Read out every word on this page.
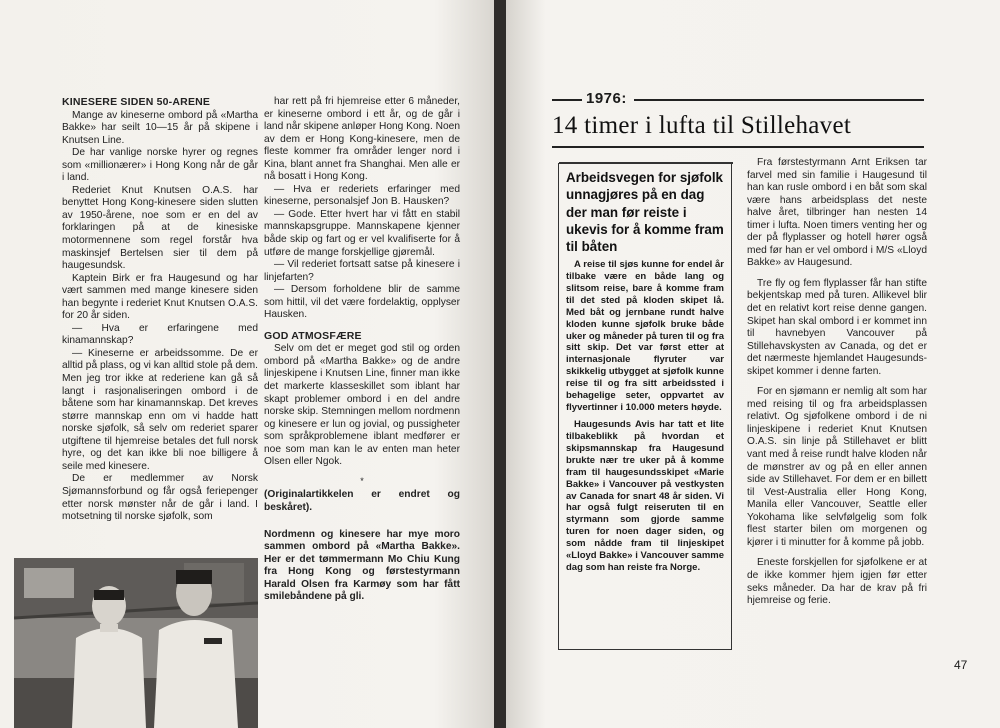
KINESERE SIDEN 50-ARENE

Mange av kineserne ombord på «Martha Bakke» har seilt 10—15 år på skipene i Knutsen Line.

De har vanlige norske hyrer og regnes som «millionærer» i Hong Kong når de går i land.

Rederiet Knut Knutsen O.A.S. har benyttet Hong Kong-kinesere siden slutten av 1950-årene, noe som er en del av forklaringen på at de kinesiske motormennene som regel forstår hva maskinsjef Bertelsen sier til dem på haugesundsk.

Kaptein Birk er fra Haugesund og har vært sammen med mange kinesere siden han begynte i rederiet Knut Knutsen O.A.S. for 20 år siden.

— Hva er erfaringene med kinamannskap?

— Kineserne er arbeidssomme. De er alltid på plass, og vi kan alltid stole på dem. Men jeg tror ikke at rederiene kan gå så langt i rasjonaliseringen ombord i de båtene som har kinamannskap. Det kreves større mannskap enn om vi hadde hatt norske sjøfolk, så selv om rederiet sparer utgiftene til hjemreise betales det full norsk hyre, og det kan ikke bli noe billigere å seile med kinesere.

De er medlemmer av Norsk Sjømannsforbund og får også feriepenger etter norsk mønster når de går i land. I motsetning til norske sjøfolk, som

har rett på fri hjemreise etter 6 måneder, er kineserne ombord i ett år, og de går i land når skipene anløper Hong Kong. Noen av dem er Hong Kong-kinesere, men de fleste kommer fra områder lenger nord i Kina, blant annet fra Shanghai. Men alle er nå bosatt i Hong Kong.

— Hva er rederiets erfaringer med kineserne, personalsjef Jon B. Hausken?

— Gode. Etter hvert har vi fått en stabil mannskapsgruppe. Mannskapene kjenner både skip og fart og er vel kvalifiserte for å utføre de mange forskjellige gjøremål.

— Vil rederiet fortsatt satse på kinesere i linjefarten?

— Dersom forholdene blir de samme som hittil, vil det være fordelaktig, opplyser Hausken.

GOD ATMOSFÆRE

Selv om det er meget god stil og orden ombord på «Martha Bakke» og de andre linjeskipene i Knutsen Line, finner man ikke det markerte klasseskillet som iblant har skapt problemer ombord i en del andre norske skip. Stemningen mellom nordmenn og kinesere er lun og jovial, og pussigheter som språkproblemene iblant medfører er noe som man kan le av enten man heter Olsen eller Ngok.

*

(Originalartikkelen er endret og beskåret).

Nordmenn og kinesere har mye moro sammen ombord på «Martha Bakke». Her er det tømmermann Mo Chiu Kung fra Hong Kong og førstestyrmann Harald Olsen fra Karmøy som har fått smilebåndene på gli.

1976:
14 timer i lufta til Stillehavet

Arbeidsvegen for sjøfolk unnagjøres på en dag der man før reiste i ukevis for å komme fram til båten

A reise til sjøs kunne for endel år tilbake være en både lang og slitsom reise, bare å komme fram til det sted på kloden skipet lå. Med båt og jernbane rundt halve kloden kunne sjøfolk bruke både uker og måneder på turen til og fra sitt skip. Det var først etter at internasjonale flyruter var skikkelig utbygget at sjøfolk kunne reise til og fra sitt arbeidssted i behagelige seter, oppvartet av flyvertinner i 10.000 meters høyde.

Haugesunds Avis har tatt et lite tilbakeblikk på hvordan et skipsmannskap fra Haugesund brukte nær tre uker på å komme fram til haugesundsskipet «Marie Bakke» i Vancouver på vestkysten av Canada for snart 48 år siden. Vi har også fulgt reiseruten til en styrmann som gjorde samme turen for noen dager siden, og som nådde fram til linjeskipet «Lloyd Bakke» i Vancouver samme dag som han reiste fra Norge.

Fra førstestyrmann Arnt Eriksen tar farvel med sin familie i Haugesund til han kan rusle ombord i en båt som skal være hans arbeidsplass det neste halve året, tilbringer han nesten 14 timer i lufta. Noen timers venting her og der på flyplasser og hotell hører også med før han er vel ombord i M/S «Lloyd Bakke» av Haugesund.

Tre fly og fem flyplasser får han stifte bekjentskap med på turen. Allikevel blir det en relativt kort reise denne gangen. Skipet han skal ombord i er kommet inn til havnebyen Vancouver på Stillehavskysten av Canada, og det er det nærmeste hjemlandet Haugesunds-skipet kommer i denne farten.

For en sjømann er nemlig alt som har med reising til og fra arbeidsplassen relativt. Og sjøfolkene ombord i de ni linjeskipene i rederiet Knut Knutsen O.A.S. sin linje på Stillehavet er blitt vant med å reise rundt halve kloden når de mønstrer av og på en eller annen side av Stillehavet. For dem er en billett til Vest-Australia eller Hong Kong, Manila eller Vancouver, Seattle eller Yokohama like selvfølgelig som folk flest starter bilen om morgenen og kjører i ti minutter for å komme på jobb.

Eneste forskjellen for sjøfolkene er at de ikke kommer hjem igjen før etter seks måneder. Da har de krav på fri hjemreise og ferie.

47
